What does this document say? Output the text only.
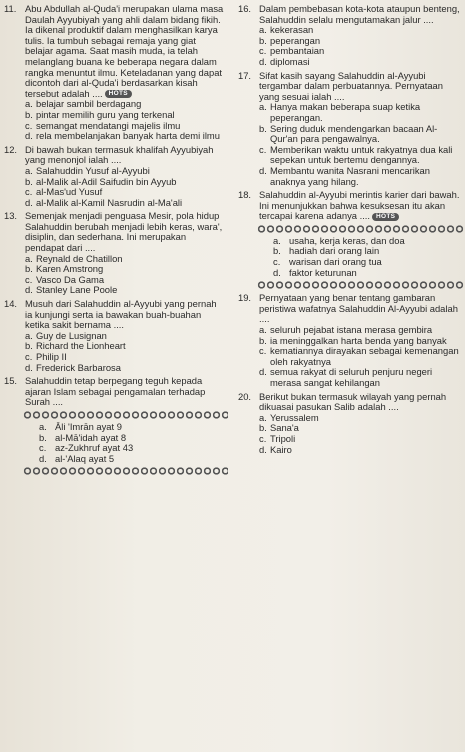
11. Abu Abdullah al-Quda'i merupakan ulama masa Daulah Ayyubiyah yang ahli dalam bidang fikih. Ia dikenal produktif dalam menghasilkan karya tulis. Ia tumbuh sebagai remaja yang giat belajar agama. Saat masih muda, ia telah melanglang buana ke beberapa negara dalam rangka menuntut ilmu. Keteladanan yang dapat dicontoh dari al-Quda'i berdasarkan kisah tersebut adalah .... HOTS
a. belajar sambil berdagang
b. pintar memilih guru yang terkenal
c. semangat mendatangi majelis ilmu
d. rela membelanjakan banyak harta demi ilmu
12. Di bawah bukan termasuk khalifah Ayyubiyah yang menonjol ialah ....
a. Salahuddin Yusuf al-Ayyubi
b. al-Malik al-Adil Saifudin bin Ayyub
c. al-Mas'ud Yusuf
d. al-Malik al-Kamil Nasrudin al-Ma'ali
13. Semenjak menjadi penguasa Mesir, pola hidup Salahuddin berubah menjadi lebih keras, wara', disiplin, dan sederhana. Ini merupakan pendapat dari ....
a. Reynald de Chatillon
b. Karen Amstrong
c. Vasco Da Gama
d. Stanley Lane Poole
14. Musuh dari Salahuddin al-Ayyubi yang pernah ia kunjungi serta ia bawakan buah-buahan ketika sakit bernama ....
a. Guy de Lusignan
b. Richard the Lionheart
c. Philip II
d. Frederick Barbarosa
15. Salahuddin tetap berpegang teguh kepada ajaran Islam sebagai pengamalan terhadap Surah ....
a. Āli 'Imrān ayat 9
b. al-Mā'idah ayat 8
c. az-Zukhruf ayat 43
d. al-'Alaq ayat 5
16. Dalam pembebasan kota-kota ataupun benteng, Salahuddin selalu mengutamakan jalur ....
a. kekerasan
b. peperangan
c. pembantaian
d. diplomasi
17. Sifat kasih sayang Salahuddin al-Ayyubi tergambar dalam perbuatannya. Pernyataan yang sesuai ialah ....
a. Hanya makan beberapa suap ketika peperangan.
b. Sering duduk mendengarkan bacaan Al-Qur'an para pengawalnya.
c. Memberikan waktu untuk rakyatnya dua kali sepekan untuk bertemu dengannya.
d. Membantu wanita Nasrani mencarikan anaknya yang hilang.
18. Salahuddin al-Ayyubi merintis karier dari bawah. Ini menunjukkan bahwa kesuksesan itu akan tercapai karena adanya .... HOTS
a. usaha, kerja keras, dan doa
b. hadiah dari orang lain
c. warisan dari orang tua
d. faktor keturunan
19. Pernyataan yang benar tentang gambaran peristiwa wafatnya Salahuddin Al-Ayyubi adalah ....
a. seluruh pejabat istana merasa gembira
b. ia meninggalkan harta benda yang banyak
c. kematiannya dirayakan sebagai kemenangan oleh rakyatnya
d. semua rakyat di seluruh penjuru negeri merasa sangat kehilangan
20. Berikut bukan termasuk wilayah yang pernah dikuasai pasukan Salib adalah ....
a. Yerussalem
b. Sana'a
c. Tripoli
d. Kairo
